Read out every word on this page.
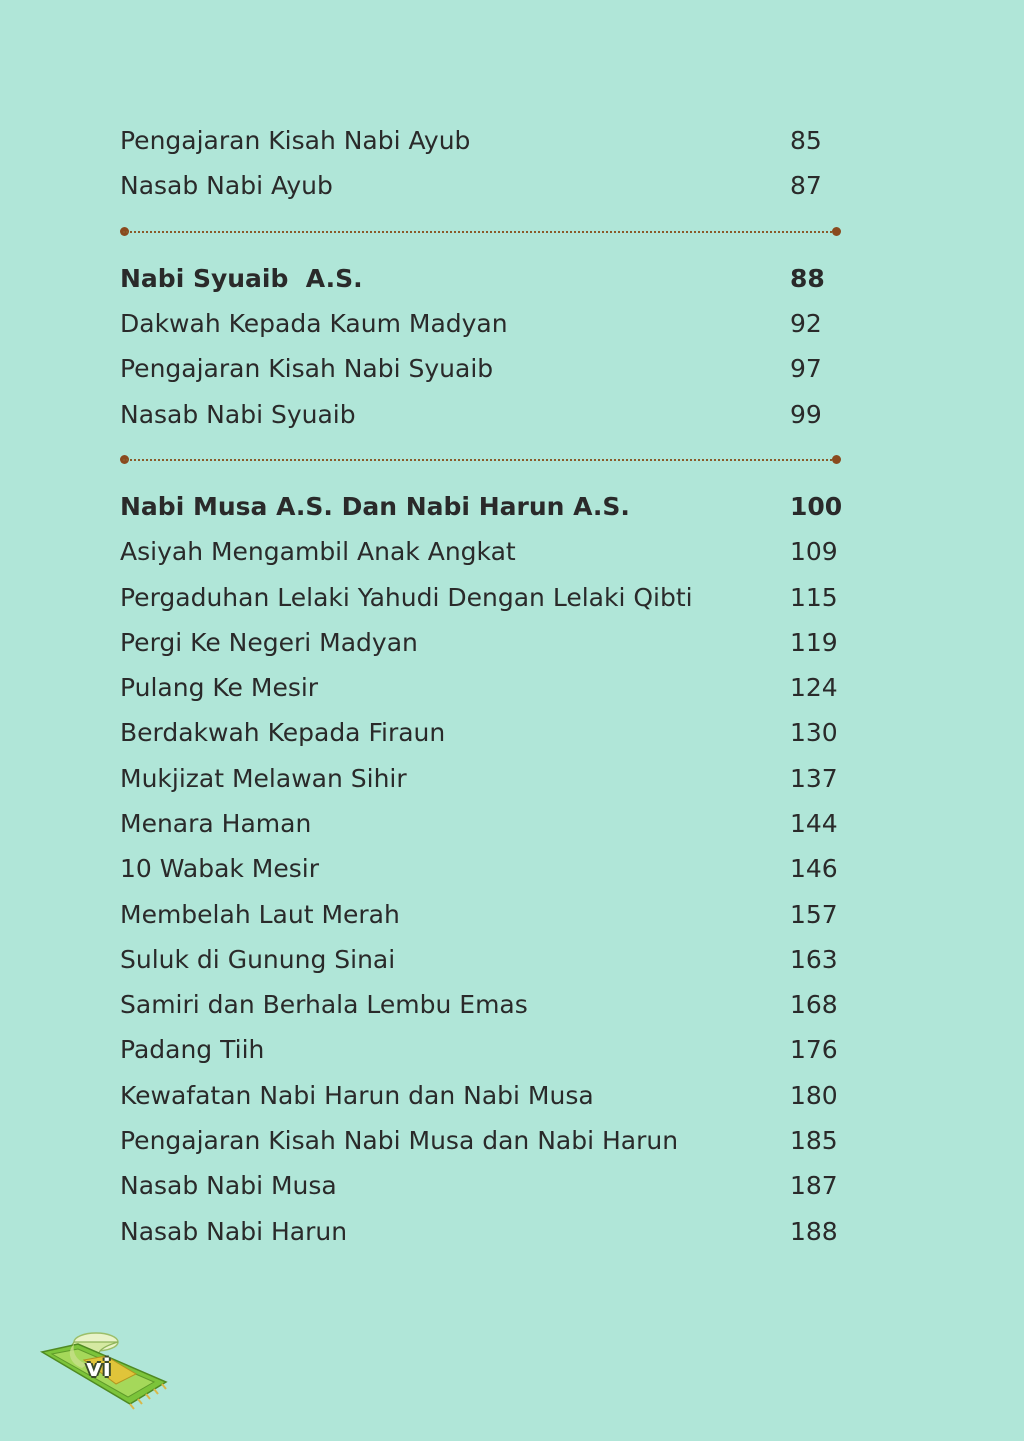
Pengajaran Kisah Nabi Ayub	85
Nasab Nabi Ayub	87
Nabi Syuaib  A.S.	88
Dakwah Kepada Kaum Madyan	92
Pengajaran Kisah Nabi Syuaib	97
Nasab Nabi Syuaib	99
Nabi Musa A.S. Dan Nabi Harun A.S.	100
Asiyah Mengambil Anak Angkat	109
Pergaduhan Lelaki Yahudi Dengan Lelaki Qibti	115
Pergi Ke Negeri Madyan	119
Pulang Ke Mesir	124
Berdakwah Kepada Firaun	130
Mukjizat Melawan Sihir	137
Menara Haman	144
10 Wabak Mesir	146
Membelah Laut Merah	157
Suluk di Gunung Sinai	163
Samiri dan Berhala Lembu Emas	168
Padang Tiih	176
Kewafatan Nabi Harun dan Nabi Musa	180
Pengajaran Kisah Nabi Musa dan Nabi Harun	185
Nasab Nabi Musa	187
Nasab Nabi Harun	188
vi
